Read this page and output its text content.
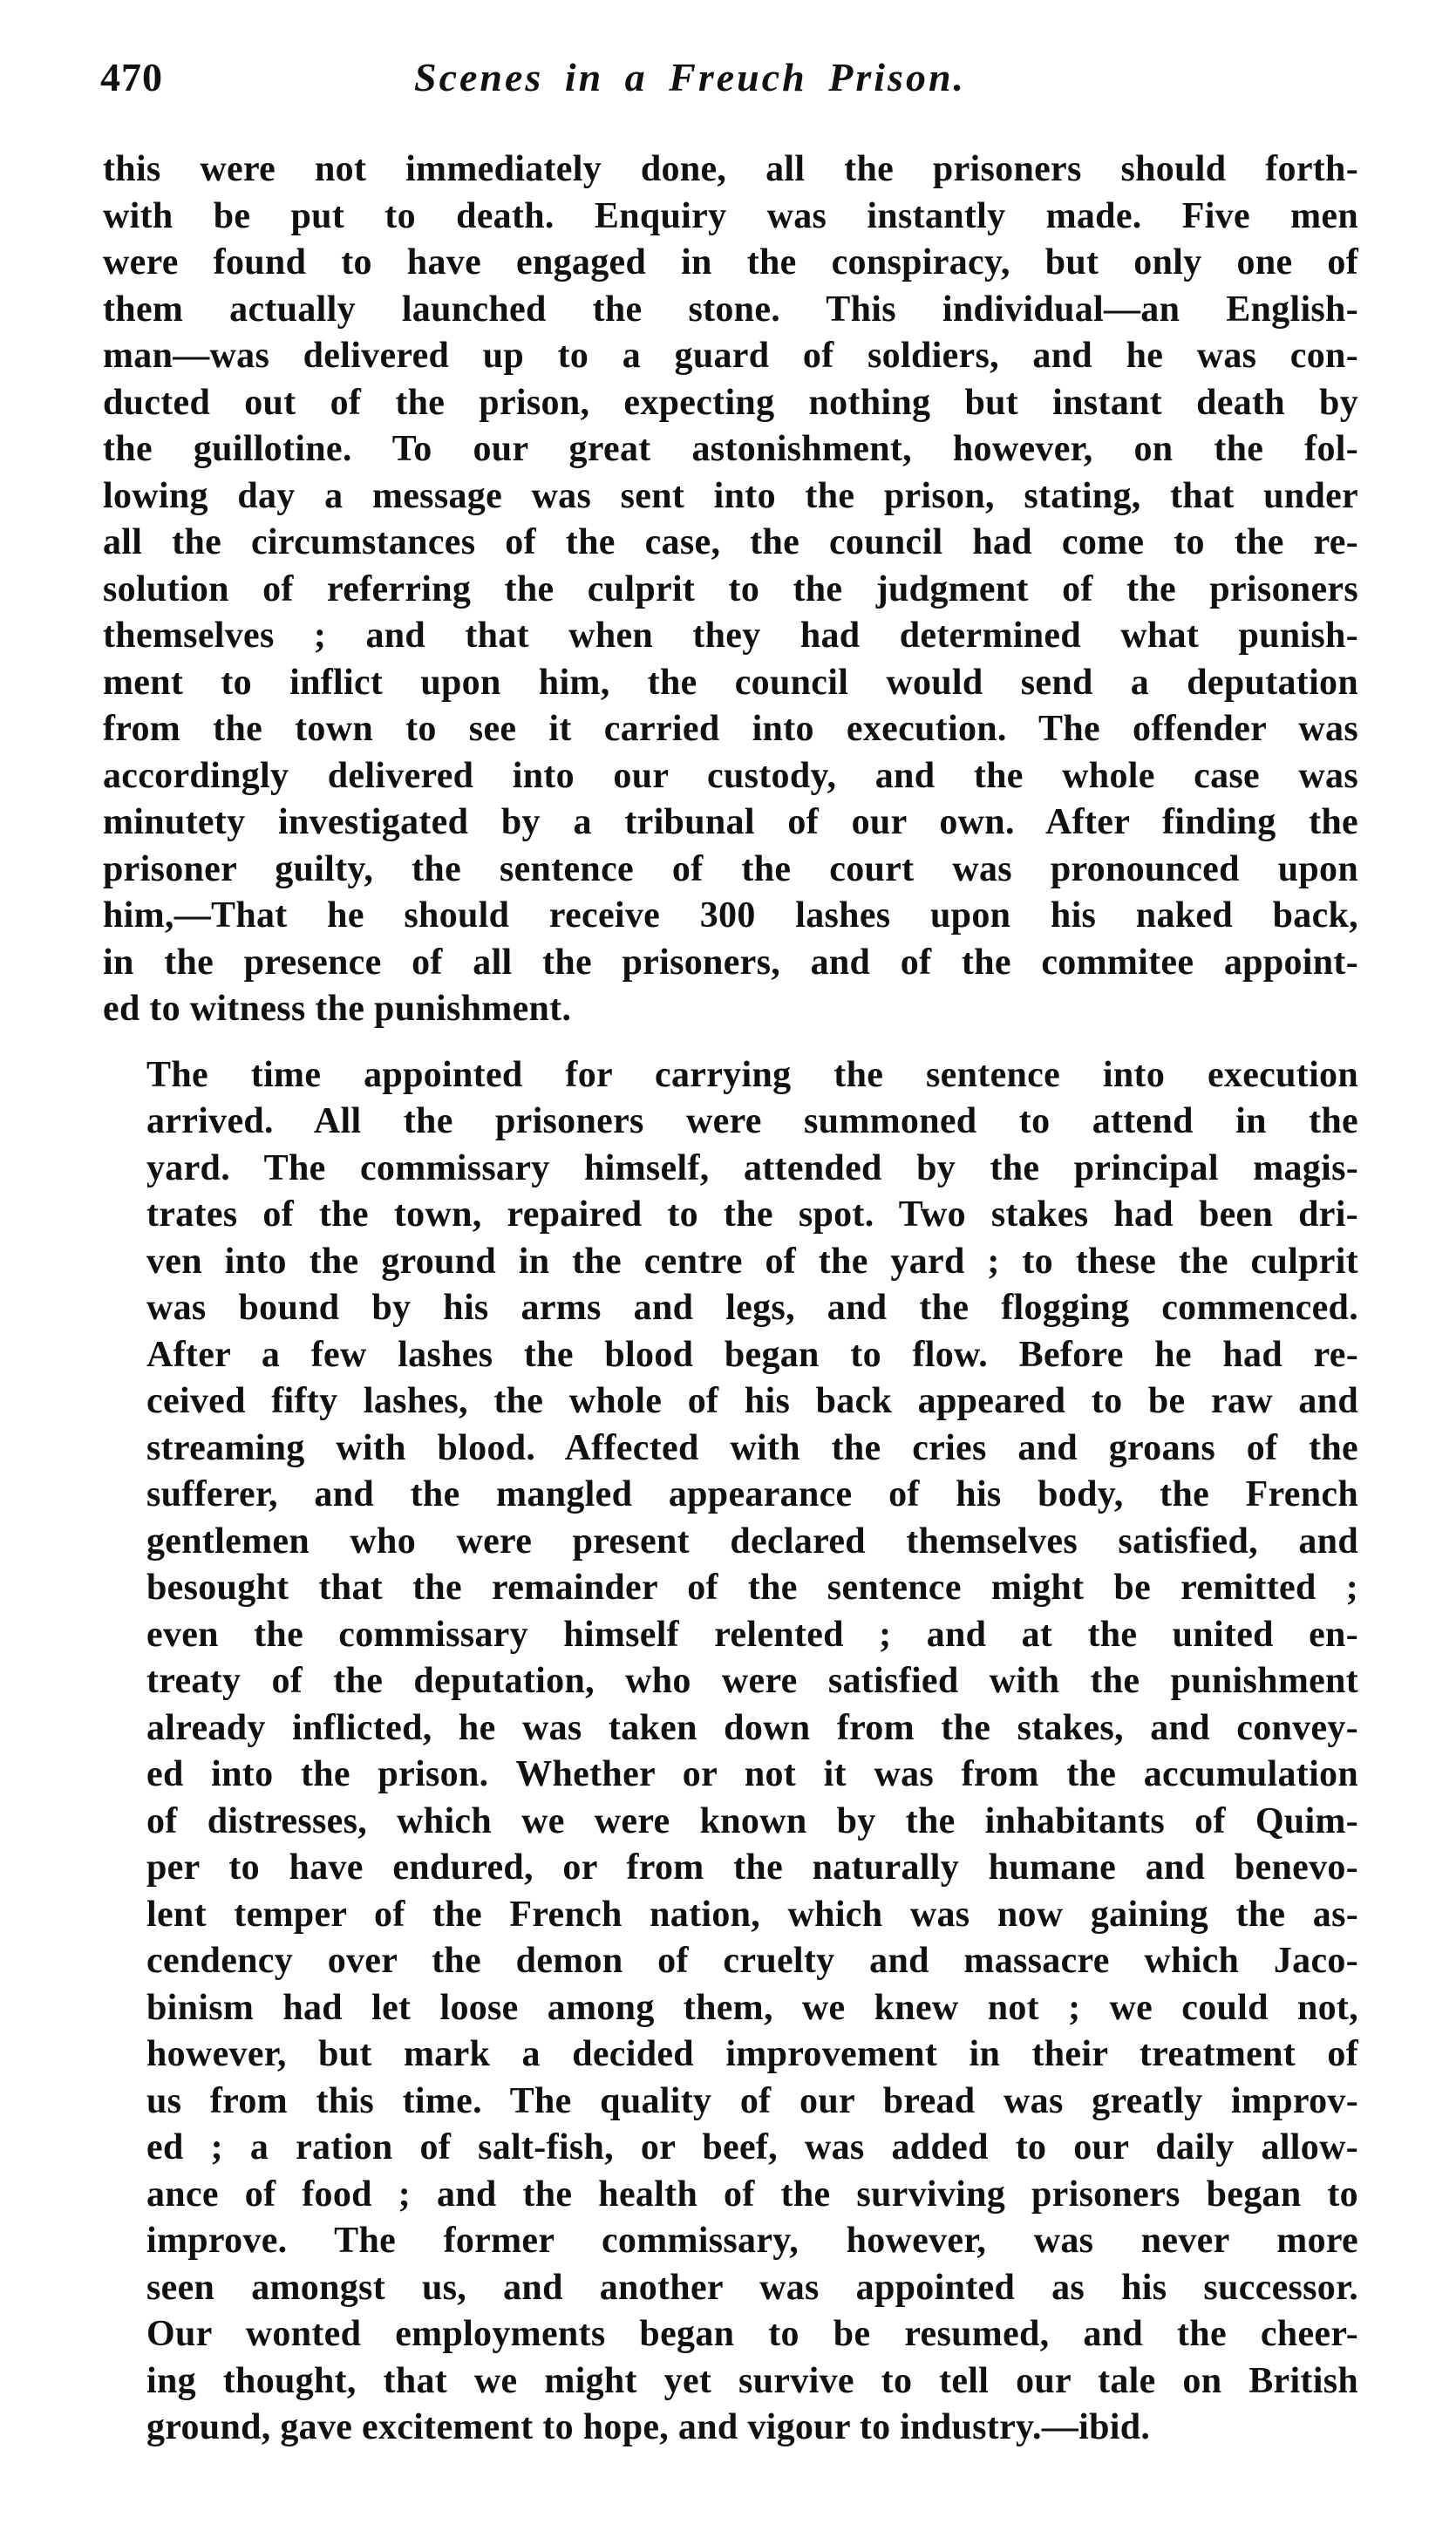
470	Scenes in a Freuch Prison.

this were not immediately done, all the prisoners should forth-
with be put to death. Enquiry was instantly made. Five men
were found to have engaged in the conspiracy, but only one of
them actually launched the stone. This individual—an English-
man—was delivered up to a guard of soldiers, and he was con-
ducted out of the prison, expecting nothing but instant death by
the guillotine. To our great astonishment, however, on the fol-
lowing day a message was sent into the prison, stating, that under
all the circumstances of the case, the council had come to the re-
solution of referring the culprit to the judgment of the prisoners
themselves ; and that when they had determined what punish-
ment to inflict upon him, the council would send a deputation
from the town to see it carried into execution. The offender was
accordingly delivered into our custody, and the whole case was
minutety investigated by a tribunal of our own. After finding the
prisoner guilty, the sentence of the court was pronounced upon
him,—That he should receive 300 lashes upon his naked back,
in the presence of all the prisoners, and of the commitee appoint-
ed to witness the punishment.

The time appointed for carrying the sentence into execution
arrived. All the prisoners were summoned to attend in the
yard. The commissary himself, attended by the principal magis-
trates of the town, repaired to the spot. Two stakes had been dri-
ven into the ground in the centre of the yard ; to these the culprit
was bound by his arms and legs, and the flogging commenced.
After a few lashes the blood began to flow. Before he had re-
ceived fifty lashes, the whole of his back appeared to be raw and
streaming with blood. Affected with the cries and groans of the
sufferer, and the mangled appearance of his body, the French
gentlemen who were present declared themselves satisfied, and
besought that the remainder of the sentence might be remitted ;
even the commissary himself relented ; and at the united en-
treaty of the deputation, who were satisfied with the punishment
already inflicted, he was taken down from the stakes, and convey-
ed into the prison. Whether or not it was from the accumulation
of distresses, which we were known by the inhabitants of Quim-
per to have endured, or from the naturally humane and benevo-
lent temper of the French nation, which was now gaining the as-
cendency over the demon of cruelty and massacre which Jaco-
binism had let loose among them, we knew not ; we could not,
however, but mark a decided improvement in their treatment of
us from this time. The quality of our bread was greatly improv-
ed ; a ration of salt-fish, or beef, was added to our daily allow-
ance of food ; and the health of the surviving prisoners began to
improve. The former commissary, however, was never more
seen amongst us, and another was appointed as his successor.
Our wonted employments began to be resumed, and the cheer-
ing thought, that we might yet survive to tell our tale on British
ground, gave excitement to hope, and vigour to industry.—ibid.
